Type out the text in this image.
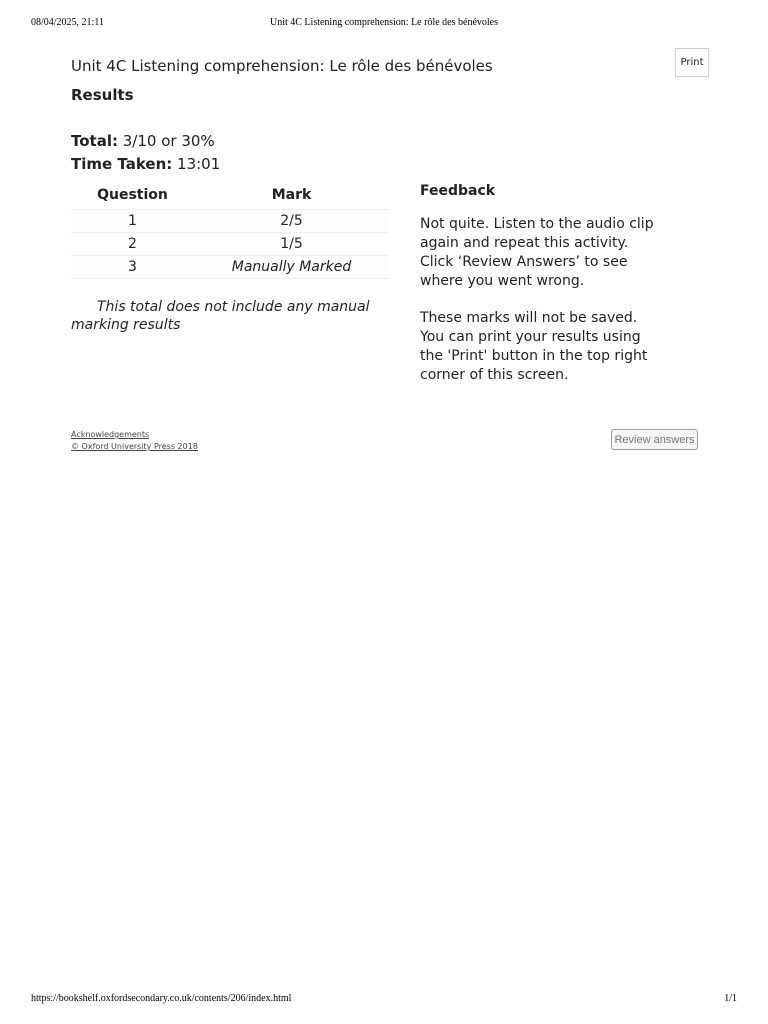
08/04/2025, 21:11	Unit 4C Listening comprehension: Le rôle des bénévoles
Unit 4C Listening comprehension: Le rôle des bénévoles	Print
Results
Total: 3/10 or 30%
Time Taken: 13:01
Question	Mark
1	2/5
2	1/5
3	Manually Marked
This total does not include any manual marking results
Feedback

Not quite. Listen to the audio clip again and repeat this activity. Click ‘Review Answers’ to see where you went wrong.

These marks will not be saved. You can print your results using the 'Print' button in the top right corner of this screen.

Acknowledgements
© Oxford University Press 2018
Review answers
https://bookshelf.oxfordsecondary.co.uk/contents/206/index.html	1/1
